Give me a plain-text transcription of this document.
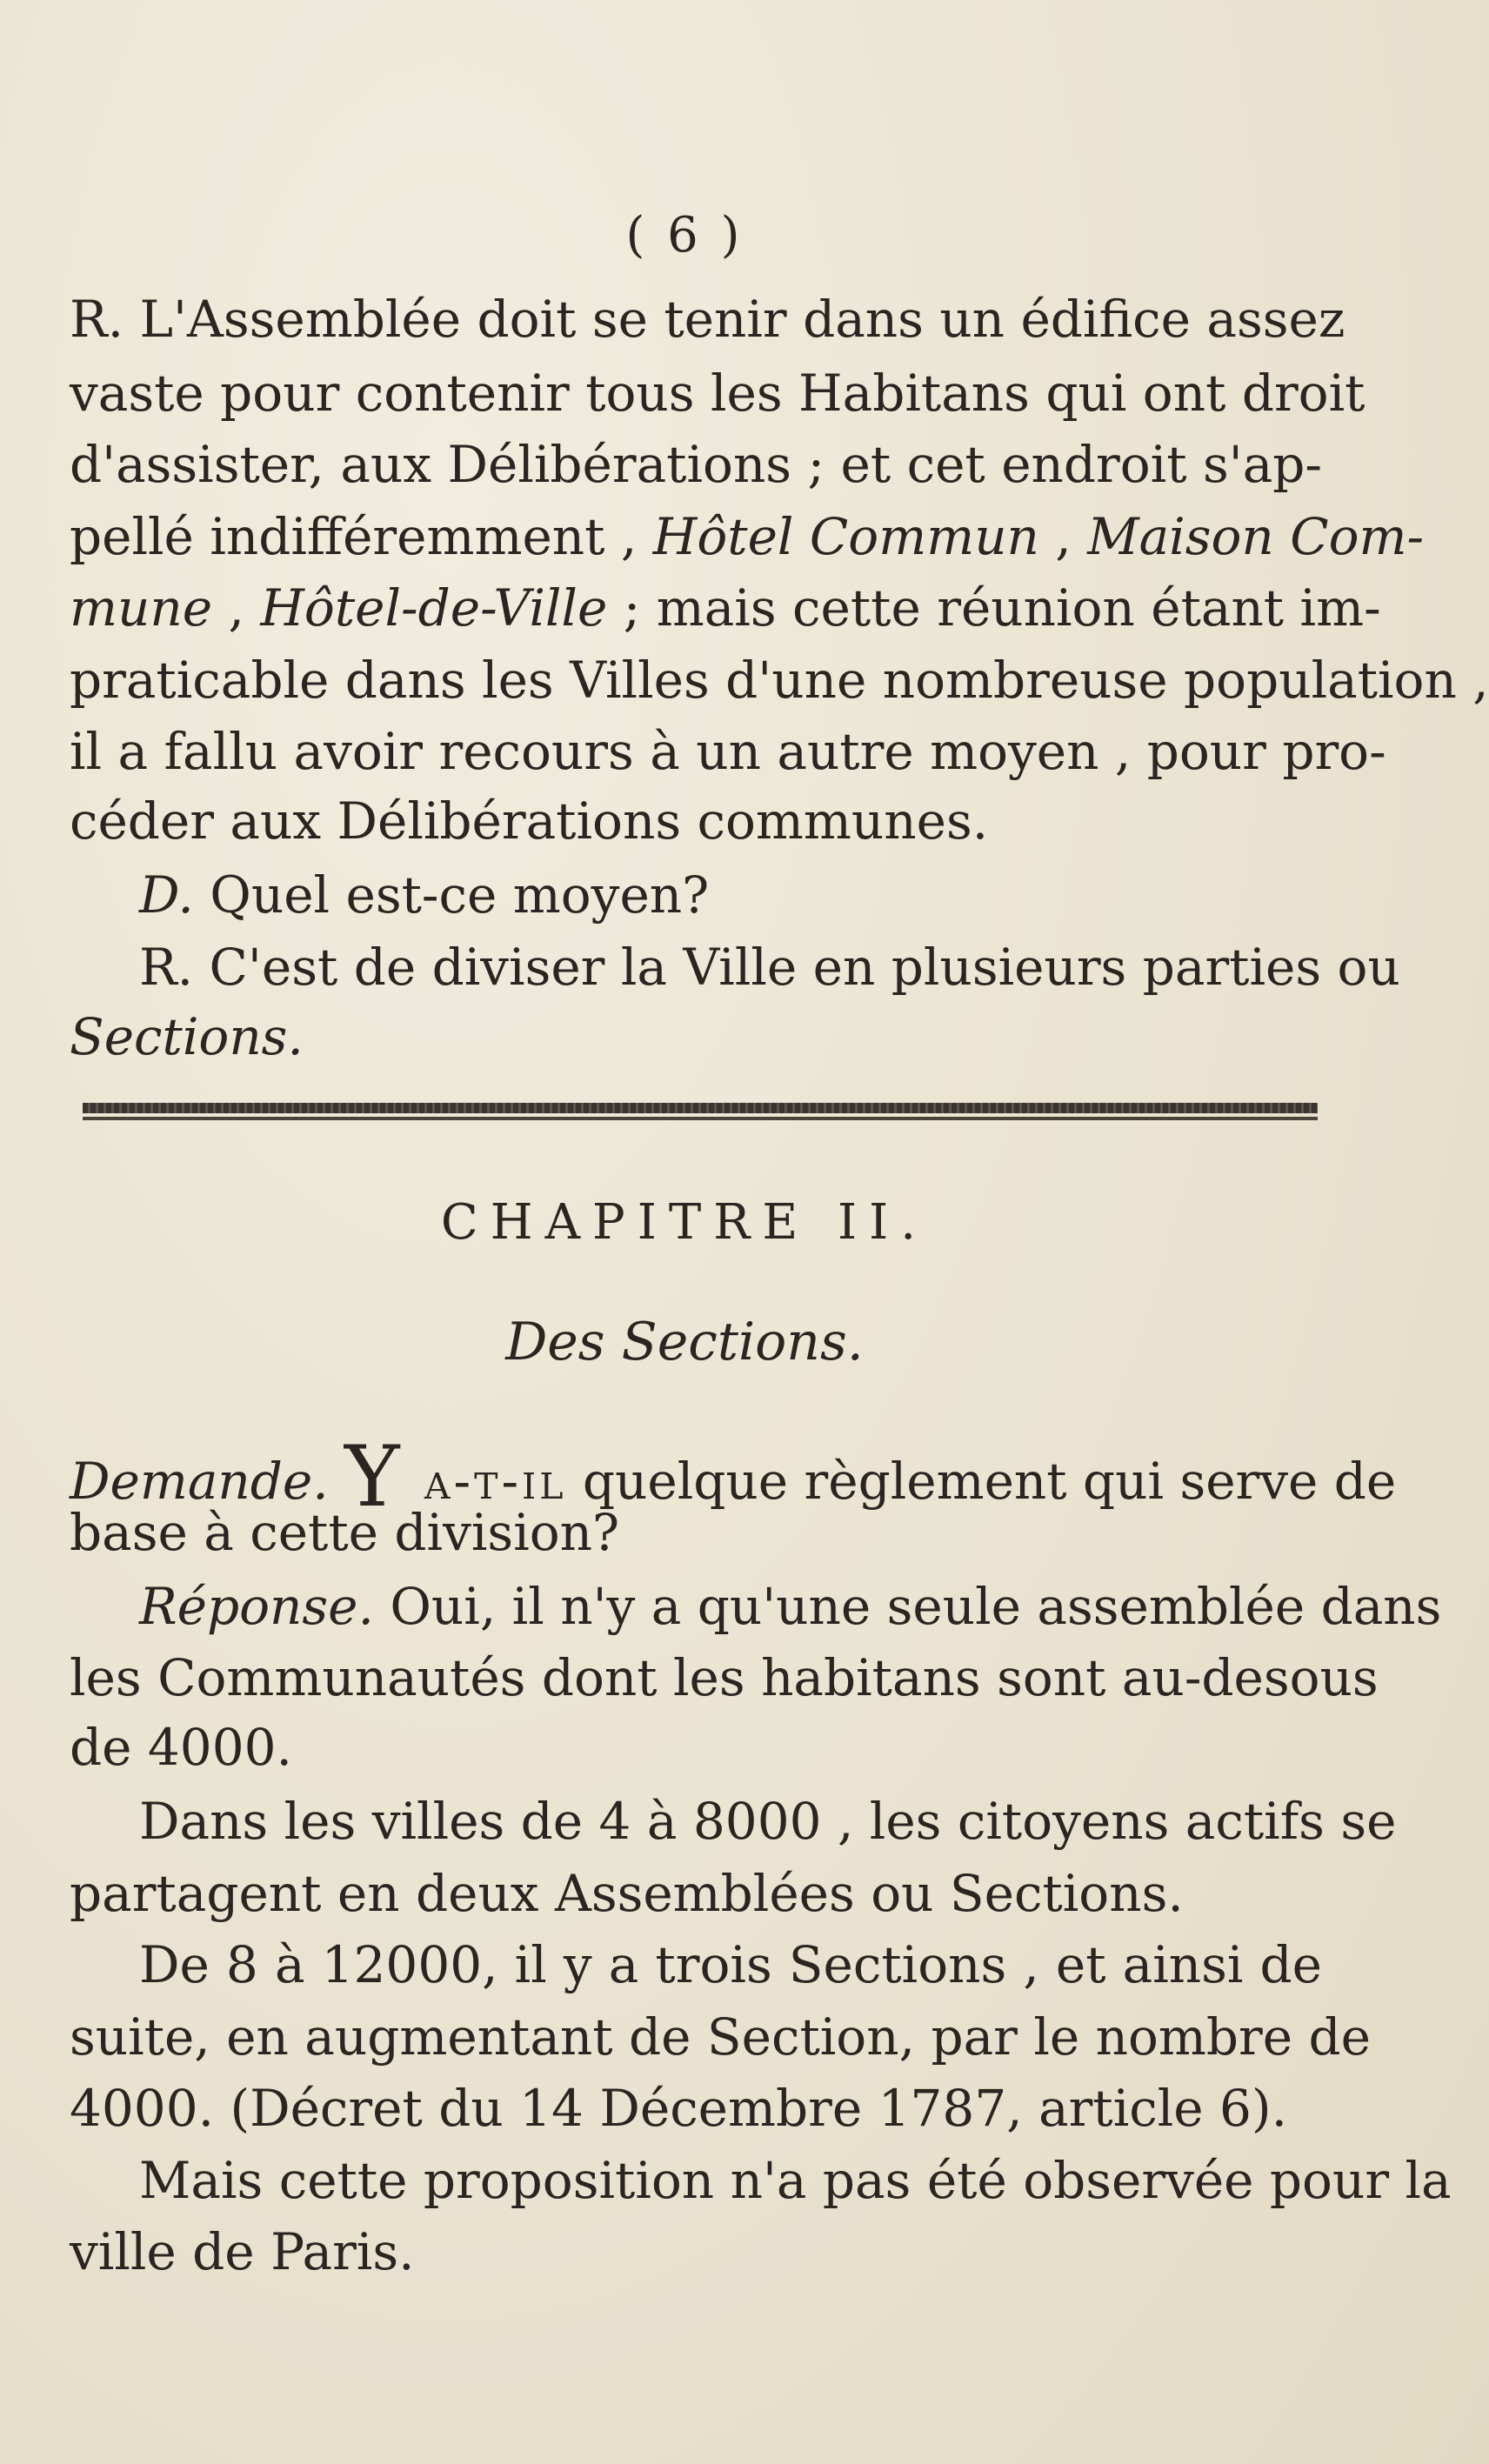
( 6 )
R. L'Assemblée doit se tenir dans un édifice assez
vaste pour contenir tous les Habitans qui ont droit
d'assister, aux Délibérations ; et cet endroit s'ap-
pellé indifféremment , Hôtel Commun , Maison Com-
mune , Hôtel-de-Ville ; mais cette réunion étant im-
praticable dans les Villes d'une nombreuse population ,
il a fallu avoir recours à un autre moyen , pour pro-
céder aux Délibérations communes.
D. Quel est-ce moyen?
R. C'est de diviser la Ville en plusieurs parties ou
Sections.
CHAPITRE II.
Des Sections.
Demande. Y a-t-il quelque règlement qui serve de
base à cette division?
Réponse. Oui, il n'y a qu'une seule assemblée dans
les Communautés dont les habitans sont au-desous
de 4000.
Dans les villes de 4 à 8000 , les citoyens actifs se
partagent en deux Assemblées ou Sections.
De 8 à 12000, il y a trois Sections , et ainsi de
suite, en augmentant de Section, par le nombre de
4000. (Décret du 14 Décembre 1787, article 6).
Mais cette proposition n'a pas été observée pour la
ville de Paris.
